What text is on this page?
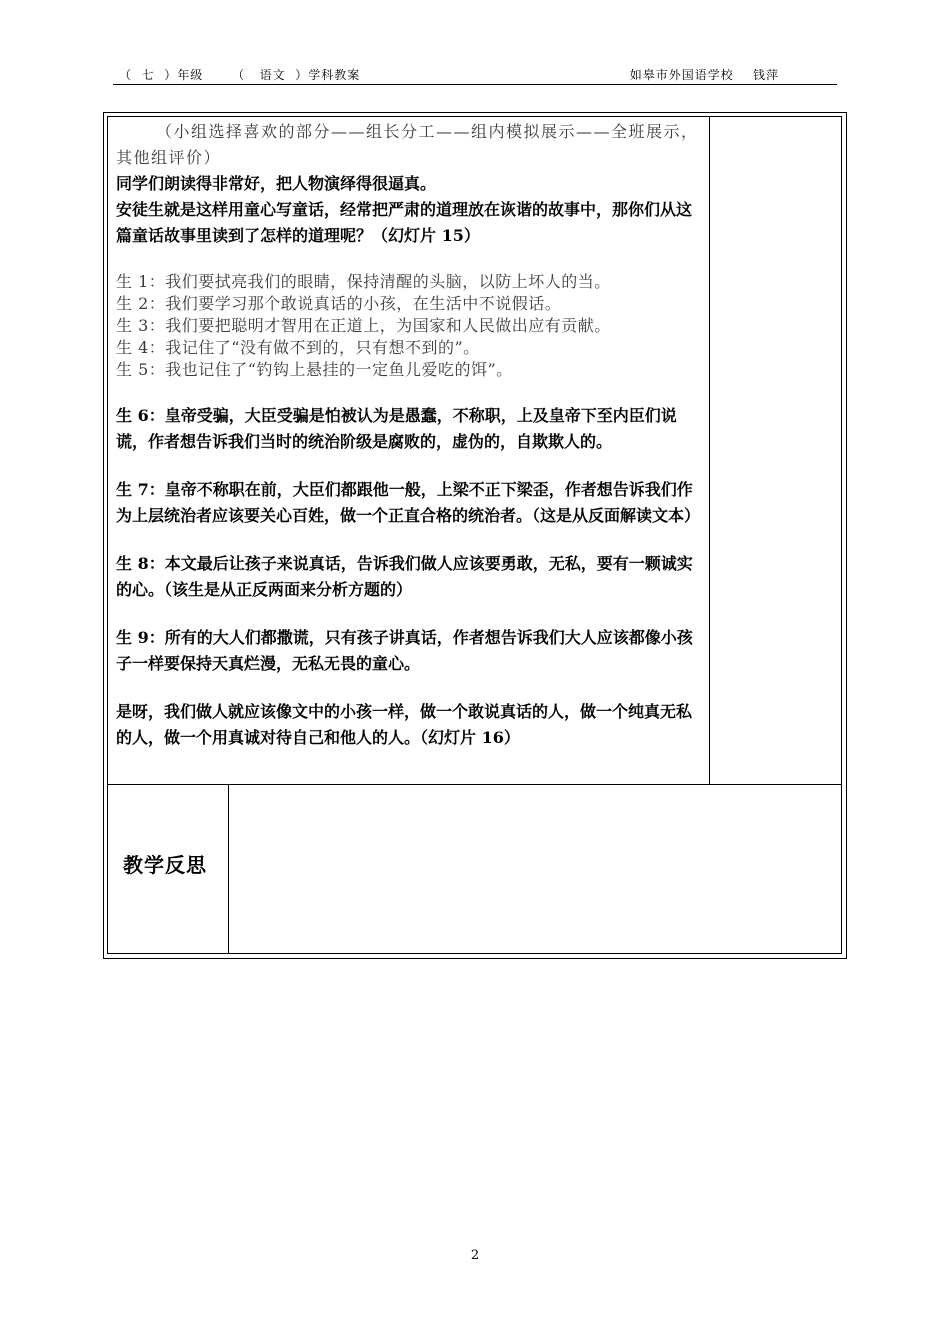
（  七  ）年级      （   语文  ）学科教案	如皋市外国语学校    钱萍

（小组选择喜欢的部分——组长分工——组内模拟展示——全班展示，其他组评价）

同学们朗读得非常好，把人物演绎得很逼真。

安徒生就是这样用童心写童话，经常把严肃的道理放在诙谐的故事中，那你们从这篇童话故事里读到了怎样的道理呢？（幻灯片 15）

生 1：我们要拭亮我们的眼睛，保持清醒的头脑，以防上坏人的当。

生 2：我们要学习那个敢说真话的小孩，在生活中不说假话。

生 3：我们要把聪明才智用在正道上，为国家和人民做出应有贡献。

生 4：我记住了“没有做不到的，只有想不到的”。

生 5：我也记住了“钓钩上悬挂的一定鱼儿爱吃的饵”。

生 6：皇帝受骗，大臣受骗是怕被认为是愚蠢，不称职，上及皇帝下至内臣们说谎，作者想告诉我们当时的统治阶级是腐败的，虚伪的，自欺欺人的。

生 7：皇帝不称职在前，大臣们都跟他一般，上梁不正下梁歪，作者想告诉我们作为上层统治者应该要关心百姓，做一个正直合格的统治者。（这是从反面解读文本）

生 8：本文最后让孩子来说真话，告诉我们做人应该要勇敢，无私，要有一颗诚实的心。（该生是从正反两面来分析方题的）

生 9：所有的大人们都撒谎，只有孩子讲真话，作者想告诉我们大人应该都像小孩子一样要保持天真烂漫，无私无畏的童心。

是呀，我们做人就应该像文中的小孩一样，做一个敢说真话的人，做一个纯真无私的人，做一个用真诚对待自己和他人的人。（幻灯片 16）

教学反思
2
